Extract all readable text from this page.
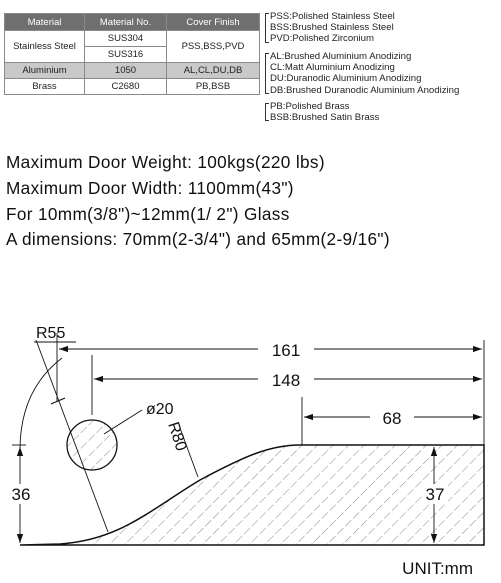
Material	Material No.	Cover Finish
Stainless Steel	SUS304	PSS,BSS,PVD
	SUS316	
Aluminium	1050	AL,CL,DU,DB
Brass	C2680	PB,BSB
PSS:Polished Stainless Steel
BSS:Brushed Stainless Steel
PVD:Polished Zirconium
AL:Brushed Aluminium Anodizing
CL:Matt Aluminium Anodizing
DU:Duranodic Aluminium Anodizing
DB:Brushed Duranodic Aluminium Anodizing
PB:Polished Brass
BSB:Brushed Satin Brass
Maximum Door Weight: 100kgs(220 lbs)
Maximum Door Width: 1100mm(43")
For 10mm(3/8")~12mm(1/ 2") Glass
A dimensions: 70mm(2-3/4") and 65mm(2-9/16")
R55
ø20
R80
161
148
68
36	37
UNIT:mm
